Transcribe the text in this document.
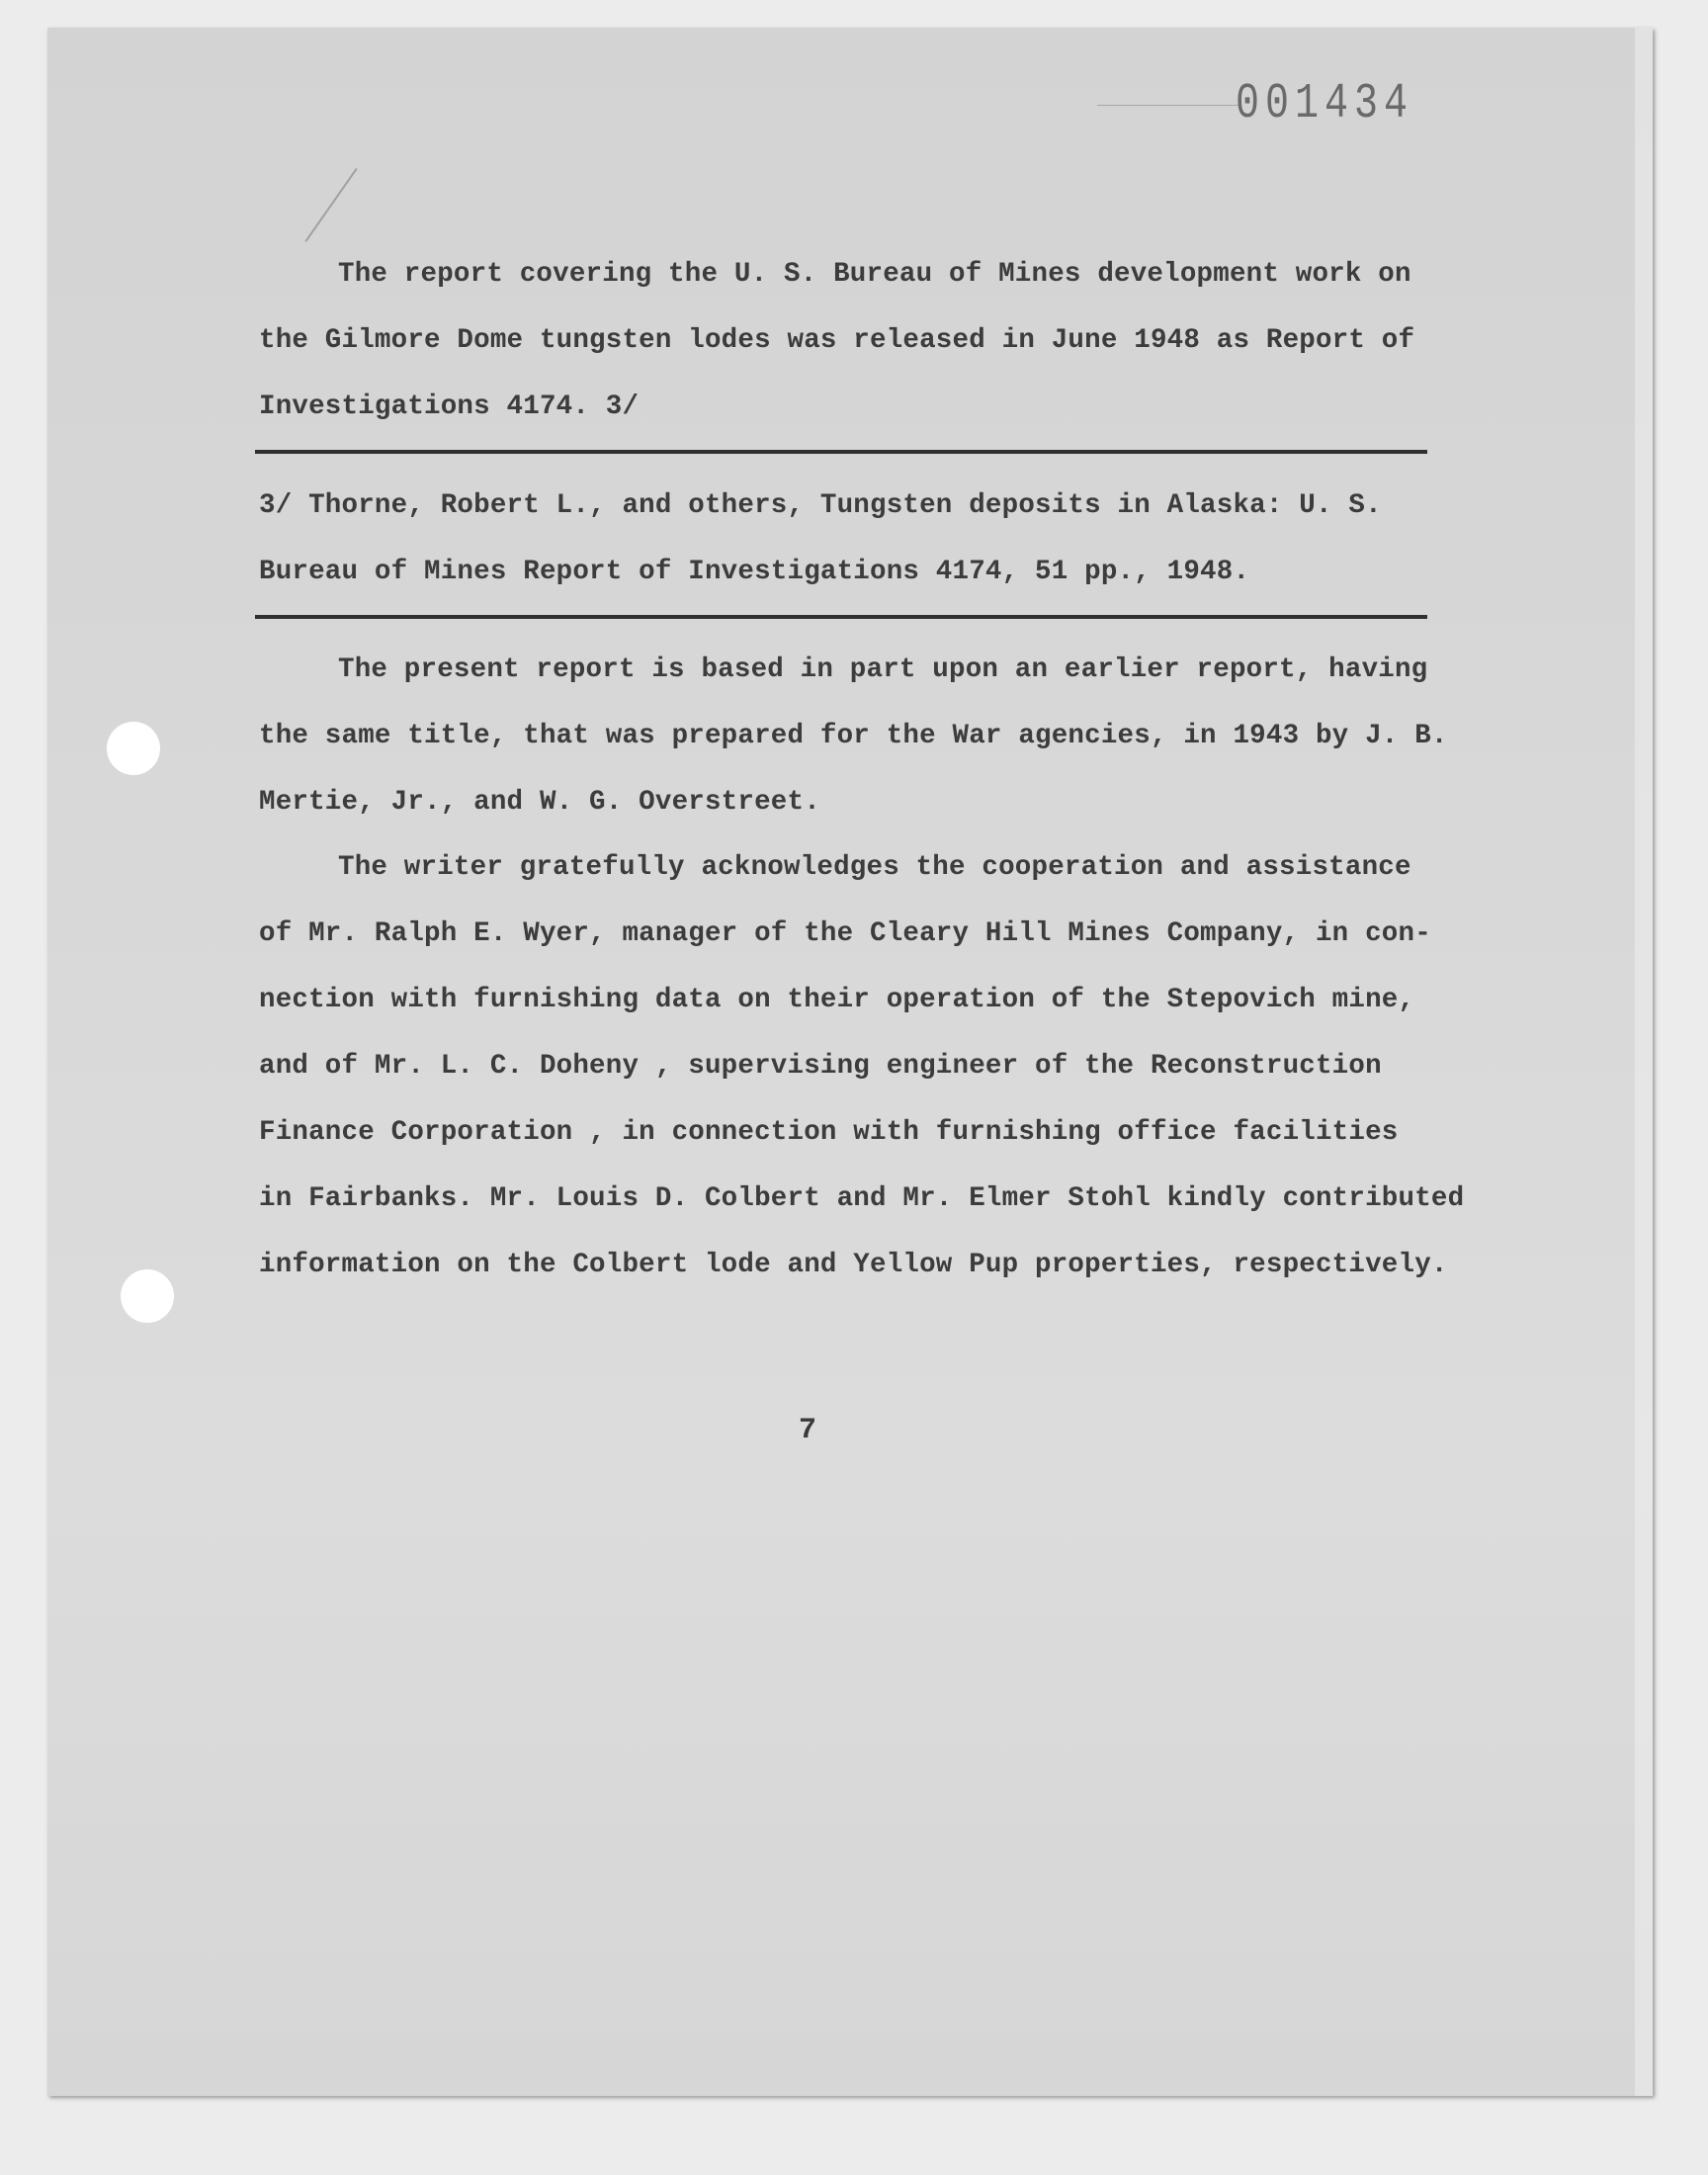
001434
The report covering the U. S. Bureau of Mines development work on
the Gilmore Dome tungsten lodes was released in June 1948 as Report of
Investigations 4174. 3/
3/ Thorne, Robert L., and others, Tungsten deposits in Alaska: U. S.
Bureau of Mines Report of Investigations 4174, 51 pp., 1948.
The present report is based in part upon an earlier report, having
the same title, that was prepared for the War agencies, in 1943 by J. B.
Mertie, Jr., and W. G. Overstreet.
The writer gratefully acknowledges the cooperation and assistance
of Mr. Ralph E. Wyer, manager of the Cleary Hill Mines Company, in con-
nection with furnishing data on their operation of the Stepovich mine,
and of Mr. L. C. Doheny , supervising engineer of the Reconstruction
Finance Corporation , in connection with furnishing office facilities
in Fairbanks. Mr. Louis D. Colbert and Mr. Elmer Stohl kindly contributed
information on the Colbert lode and Yellow Pup properties, respectively.
7
